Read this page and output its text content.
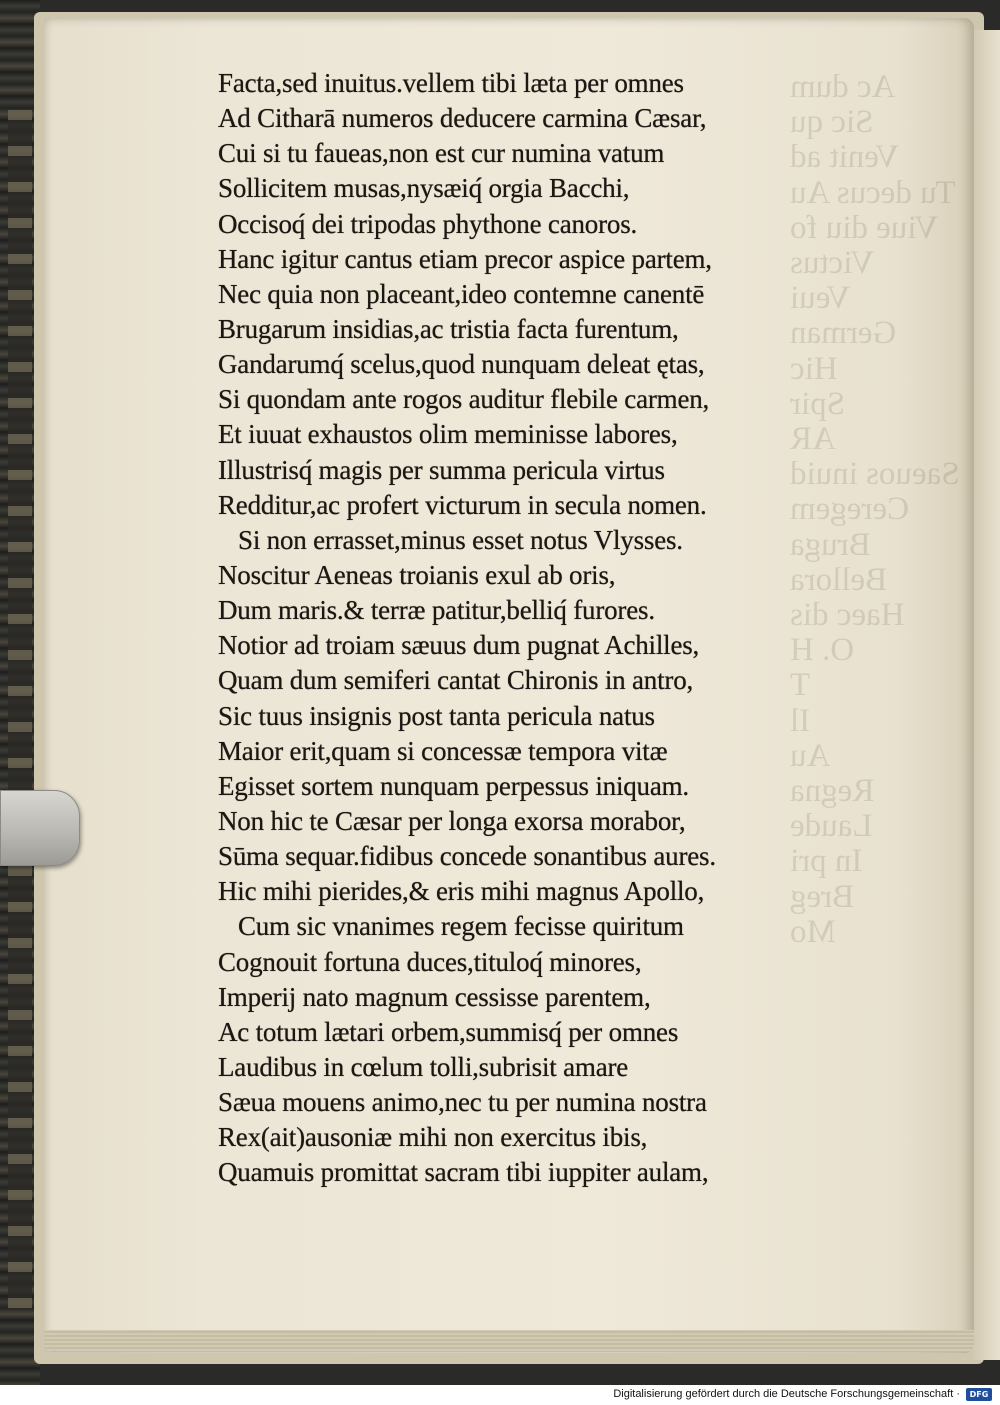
Ac dum
Sic qu
Venit ad
Tu decus Au
Viue diu fo
Victus
Veui
German
Hic
Spir
AR
Saeuos inuid
Ceregem
Bruga
Bellora
Haec dis
O. H
T
Il
Au
Regna
Laude
In pri
Breg
Mo
Facta,sed inuitus.vellem tibi læta per omnes
Ad Citharā numeros deducere carmina Cæsar,
Cui si tu faueas,non est cur numina vatum
Sollicitem musas,nysæiq́ orgia Bacchi,
Occisoq́ dei tripodas phythone canoros.
Hanc igitur cantus etiam precor aspice partem,
Nec quia non placeant,ideo contemne canentē
Brugarum insidias,ac tristia facta furentum,
Gandarumq́ scelus,quod nunquam deleat ętas,
Si quondam ante rogos auditur flebile carmen,
Et iuuat exhaustos olim meminisse labores,
Illustrisq́ magis per summa pericula virtus
Redditur,ac profert victurum in secula nomen.
Si non errasset,minus esset notus Vlysses.
Noscitur Aeneas troianis exul ab oris,
Dum maris.& terræ patitur,belliq́ furores.
Notior ad troiam sæuus dum pugnat Achilles,
Quam dum semiferi cantat Chironis in antro,
Sic tuus insignis post tanta pericula natus
Maior erit,quam si concessæ tempora vitæ
Egisset sortem nunquam perpessus iniquam.
Non hic te Cæsar per longa exorsa morabor,
Sūma sequar.fidibus concede sonantibus aures.
Hic mihi pierides,& eris mihi magnus Apollo,
Cum sic vnanimes regem fecisse quiritum
Cognouit fortuna duces,tituloq́ minores,
Imperij nato magnum cessisse parentem,
Ac totum lætari orbem,summisq́ per omnes
Laudibus in cœlum tolli,subrisit amare
Sæua mouens animo,nec tu per numina nostra
Rex(ait)ausoniæ mihi non exercitus ibis,
Quamuis promittat sacram tibi iuppiter aulam,
Digitalisierung gefördert durch die Deutsche Forschungsgemeinschaft ·	DFG
